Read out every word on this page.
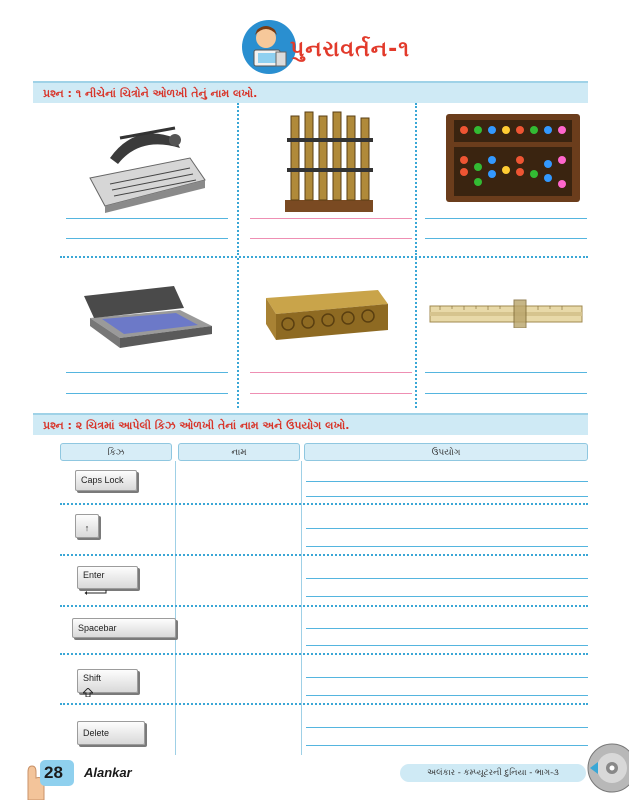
પુનરાવર્તન-૧
પ્રશ્ન : ૧ નીચેનાં ચિત્રોને ઓળખી તેનું નામ લખો.
પ્રશ્ન : ૨ ચિત્રમાં આપેલી કિઝ ઓળખી તેનાં નામ અને ઉપયોગ લખો.
કિઝ	નામ	ઉપયોગ
Caps Lock
↑
Enter
Spacebar
Shift
Delete
28 Alankar	અલંકાર - કમ્પ્યૂટરની દુનિયા - ભાગ-૩
